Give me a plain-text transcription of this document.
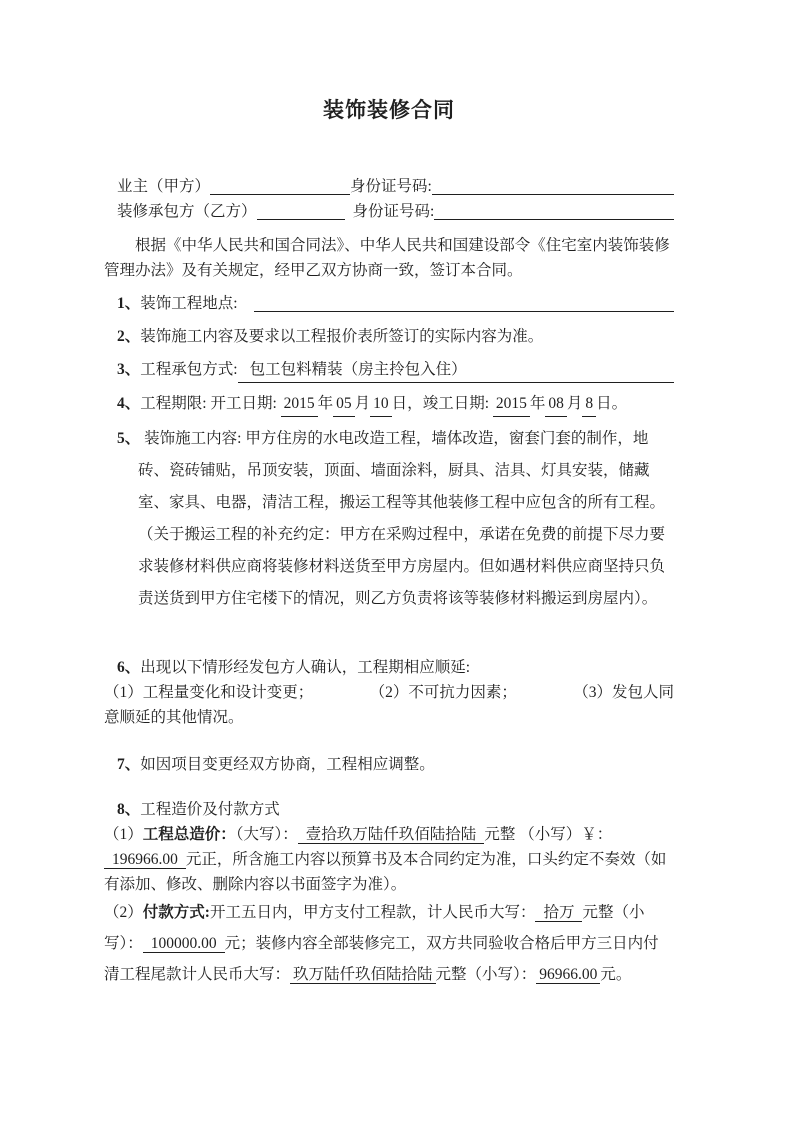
装饰装修合同
业主（甲方）	身份证号码:
装修承包方（乙方）	身份证号码:

根据《中华人民共和国合同法》、中华人民共和国建设部令《住宅室内装饰装修管理办法》及有关规定，经甲乙双方协商一致，签订本合同。

1、 装饰工程地点:
2、 装饰施工内容及要求以工程报价表所签订的实际内容为准。
3、 工程承包方式: 包工包料精装（房主拎包入住）
4、 工程期限:
开工日期:
2015 年 05 月 10 日， 竣工日期:
2015 年 08 月 8 日。

5、 装饰施工内容: 甲方住房的水电改造工程，墙体改造，窗套门套的制作，地砖、瓷砖铺贴，吊顶安装，顶面、墙面涂料，厨具、洁具、灯具安装，储藏室、家具、电器，清洁工程，搬运工程等其他装修工程中应包含的所有工程。（关于搬运工程的补充约定：甲方在采购过程中，承诺在免费的前提下尽力要求装修材料供应商将装修材料送货至甲方房屋内。但如遇材料供应商坚持只负责送货到甲方住宅楼下的情况，则乙方负责将该等装修材料搬运到房屋内）。

6、 出现以下情形经发包方人确认，工程期相应顺延:
（1）工程量变化和设计变更；	（2）不可抗力因素；	（3）发包人同
意顺延的其他情况。
7、 如因项目变更经双方协商，工程相应调整。
8、 工程造价及付款方式

（1）工程总造价：（大写）： 壹拾玖万陆仟玖佰陆拾陆 元整 （小写）￥：196966.00 元正，所含施工内容以预算书及本合同约定为准，口头约定不奏效（如有添加、修改、删除内容以书面签字为准）。

（2）付款方式:开工五日内，甲方支付工程款，计人民币大写： 拾万 元整（小写）： 100000.00 元；装修内容全部装修完工，双方共同验收合格后甲方三日内付清工程尾款计人民币大写： 玖万陆仟玖佰陆拾陆 元整（小写）： 96966.00 元。
